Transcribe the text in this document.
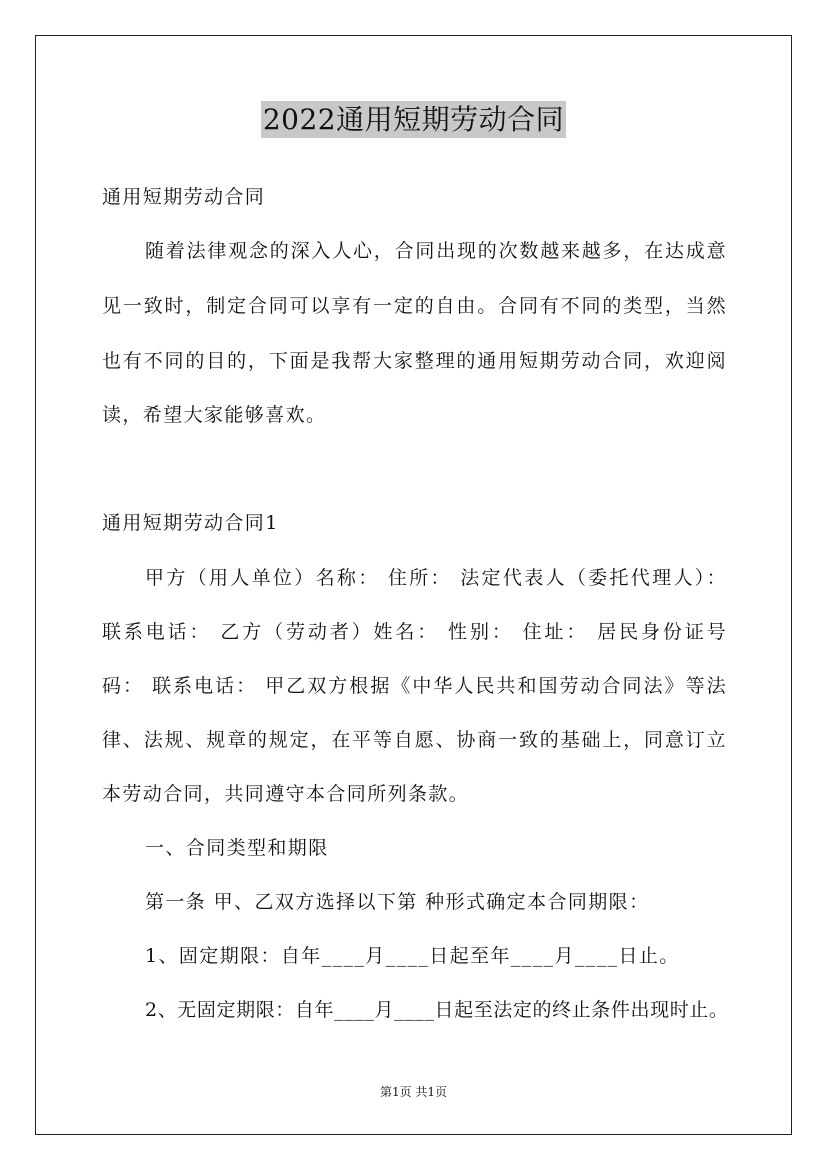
2022通用短期劳动合同
通用短期劳动合同
随着法律观念的深入人心，合同出现的次数越来越多，在达成意
见一致时，制定合同可以享有一定的自由。合同有不同的类型，当然
也有不同的目的，下面是我帮大家整理的通用短期劳动合同，欢迎阅
读，希望大家能够喜欢。
通用短期劳动合同1
甲方（用人单位）名称： 住所： 法定代表人（委托代理人）：
联系电话： 乙方（劳动者）姓名： 性别： 住址： 居民身份证号
码： 联系电话： 甲乙双方根据《中华人民共和国劳动合同法》等法
律、法规、规章的规定，在平等自愿、协商一致的基础上，同意订立
本劳动合同，共同遵守本合同所列条款。
一、合同类型和期限
第一条 甲、乙双方选择以下第 种形式确定本合同期限：
1、固定期限：自年____月____日起至年____月____日止。
2、无固定期限：自年____月____日起至法定的终止条件出现时止。
第1页 共1页
